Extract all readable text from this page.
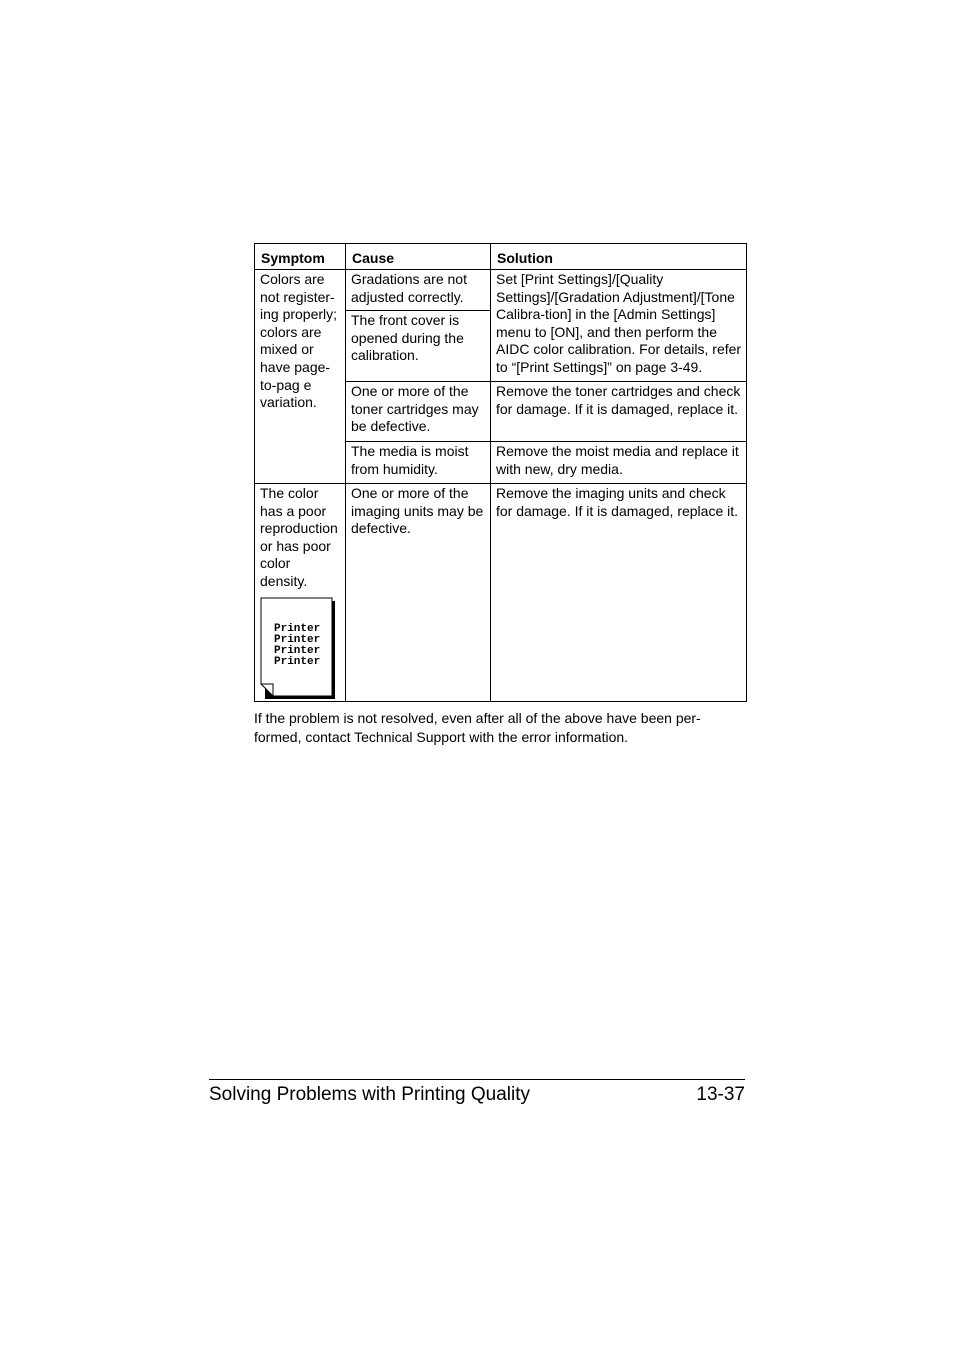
Symptom	Cause	Solution

Colors are not register-ing properly; colors are mixed or have page-to-pag e variation.	Gradations are not adjusted correctly.	Set [Print Settings]/[Quality Settings]/[Gradation Adjustment]/[Tone Calibra-tion] in the [Admin Settings] menu to [ON], and then perform the AIDC color calibration. For details, refer to “[Print Settings]” on page 3-49.

	The front cover is opened during the calibration.	

	One or more of the toner cartridges may be defective.	Remove the toner cartridges and check for damage. If it is damaged, replace it.

	The media is moist from humidity.	Remove the moist media and replace it with new, dry media.

The color has a poor reproduction or has poor color density.
Printer
Printer
Printer
Printer	One or more of the imaging units may be defective.	Remove the imaging units and check for damage. If it is damaged, replace it.

If the problem is not resolved, even after all of the above have been per-formed, contact Technical Support with the error information.

Solving Problems with Printing Quality	13-37
